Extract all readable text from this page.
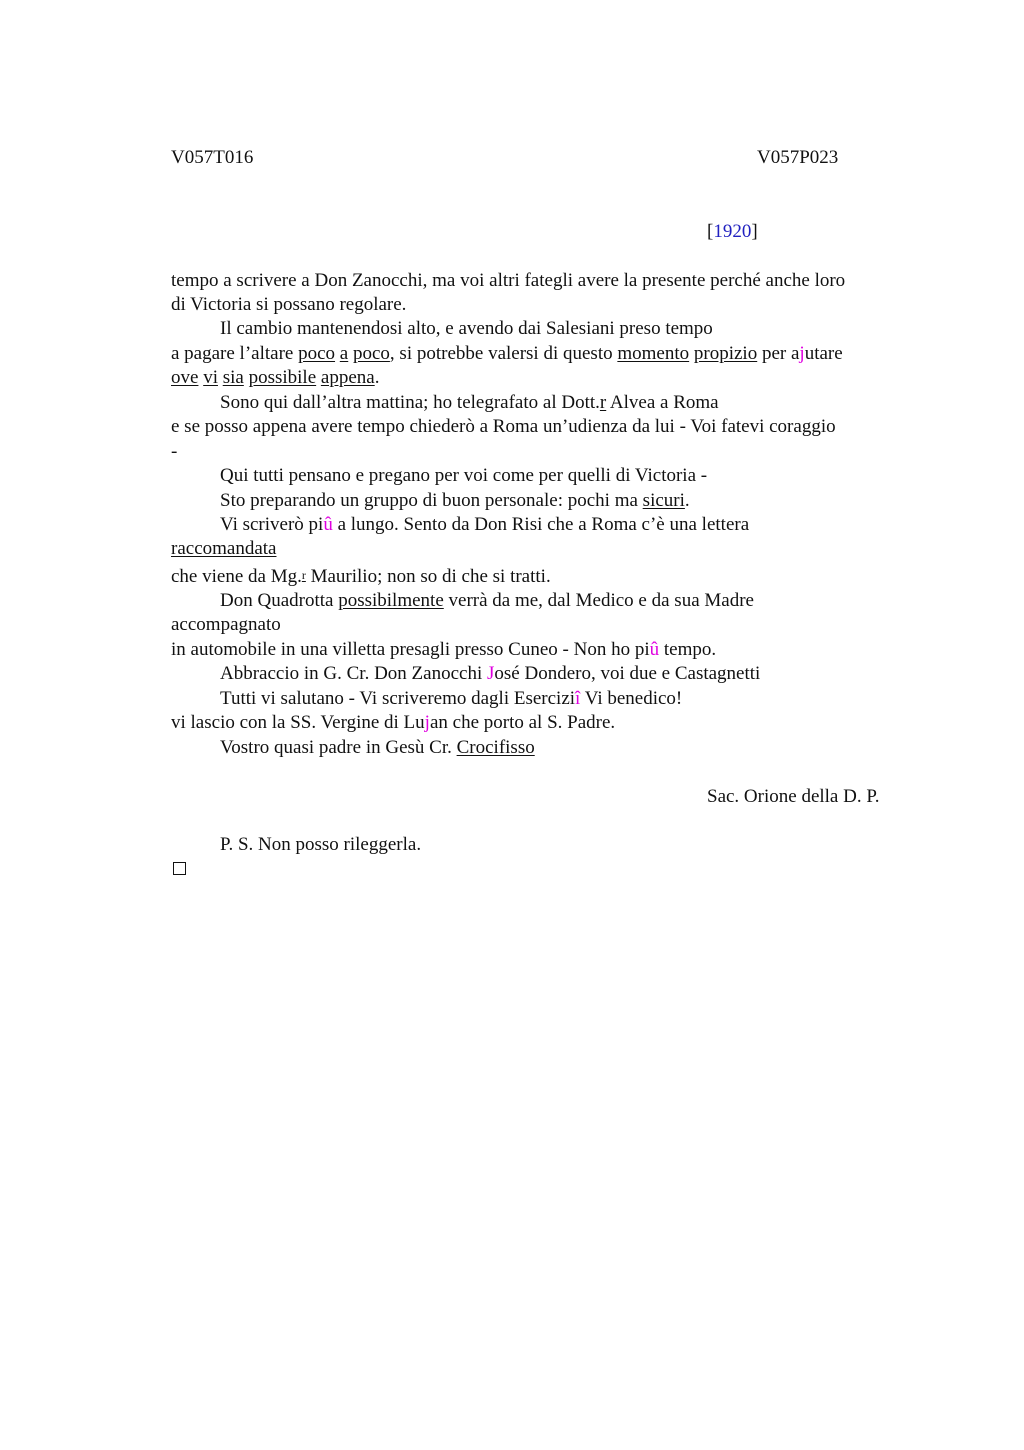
V057T016	V057P023
[1920]
tempo a scrivere a Don Zanocchi, ma voi altri fategli avere la presente perché anche loro
di Victoria si possano regolare.
Il cambio mantenendosi alto, e avendo dai Salesiani preso tempo
a pagare l’altare poco a poco, si potrebbe valersi di questo momento propizio per ajutare
ove vi sia possibile appena.
Sono qui dall’altra mattina; ho telegrafato al Dott.r Alvea a Roma
e se posso appena avere tempo chiederò a Roma un’udienza da lui - Voi fatevi coraggio
-
Qui tutti pensano e pregano per voi come per quelli di Victoria -
Sto preparando un gruppo di buon personale: pochi ma sicuri.
Vi scriverò piû a lungo. Sento da Don Risi che a Roma c’è una lettera
raccomandata
che viene da Mg.$^r$ Maurilio; non so di che si tratti.
Don Quadrotta possibilmente verrà da me, dal Medico e da sua Madre
accompagnato
in automobile in una villetta presagli presso Cuneo - Non ho piû tempo.
Abbraccio in G. Cr. Don Zanocchi José Dondero, voi due e Castagnetti
Tutti vi salutano - Vi scriveremo dagli Eserciziî Vi benedico!
vi lascio con la SS. Vergine di Lujan che porto al S. Padre.
Vostro quasi padre in Gesù Cr. Crocifisso
Sac. Orione della D. P.
P. S. Non posso rileggerla.
